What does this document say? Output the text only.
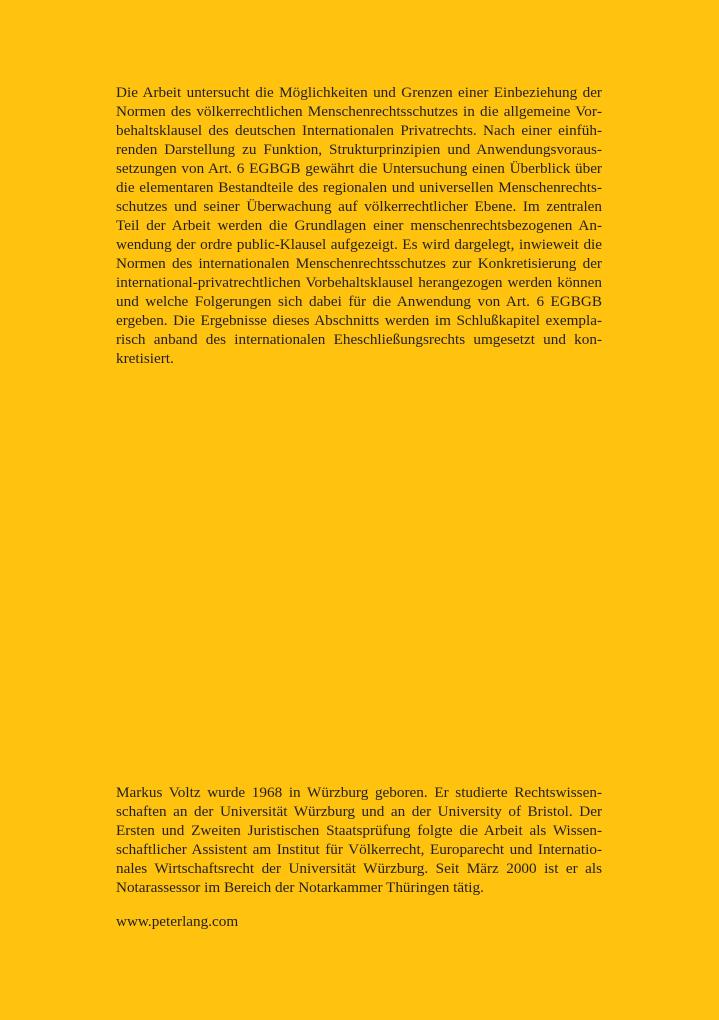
Die Arbeit untersucht die Möglichkeiten und Grenzen einer Einbeziehung der Normen des völkerrechtlichen Menschenrechtsschutzes in die allgemeine Vorbehaltsklausel des deutschen Internationalen Privatrechts. Nach einer einführenden Darstellung zu Funktion, Strukturprinzipien und Anwendungsvoraussetzungen von Art. 6 EGBGB gewährt die Untersuchung einen Überblick über die elementaren Bestandteile des regionalen und universellen Menschenrechtsschutzes und seiner Überwachung auf völkerrechtlicher Ebene. Im zentralen Teil der Arbeit werden die Grundlagen einer menschenrechtsbezogenen Anwendung der ordre public-Klausel aufgezeigt. Es wird dargelegt, inwieweit die Normen des internationalen Menschenrechtsschutzes zur Konkretisierung der international-privatrechtlichen Vorbehaltsklausel herangezogen werden können und welche Folgerungen sich dabei für die Anwendung von Art. 6 EGBGB ergeben. Die Ergebnisse dieses Abschnitts werden im Schlußkapitel exemplarisch anband des internationalen Eheschließungsrechts umgesetzt und konkretisiert.

Markus Voltz wurde 1968 in Würzburg geboren. Er studierte Rechtswissenschaften an der Universität Würzburg und an der University of Bristol. Der Ersten und Zweiten Juristischen Staatsprüfung folgte die Arbeit als Wissenschaftlicher Assistent am Institut für Völkerrecht, Europarecht und Internationales Wirtschaftsrecht der Universität Würzburg. Seit März 2000 ist er als Notarassessor im Bereich der Notarkammer Thüringen tätig.

www.peterlang.com
